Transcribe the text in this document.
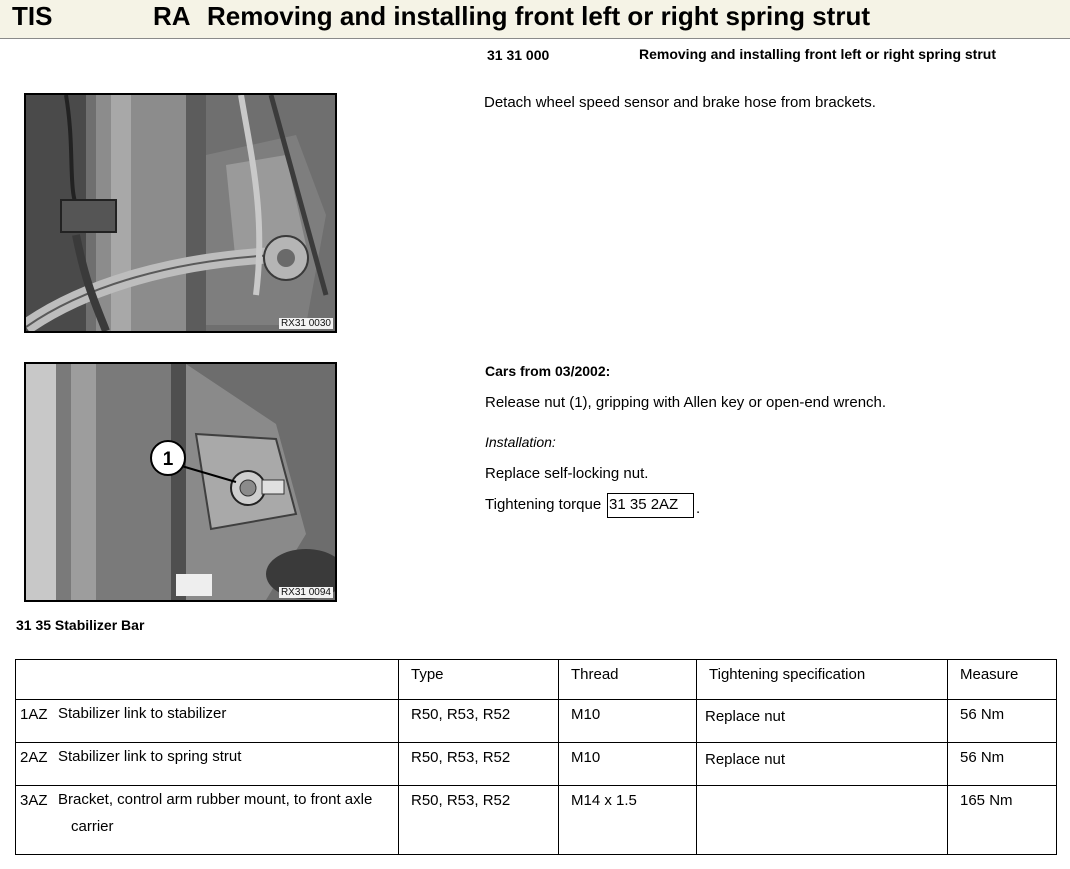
TIS	RA Removing and installing front left or right spring strut
31 31 000	Removing and installing front left or right spring strut
RX31 0030
1
RX31 0094
Detach wheel speed sensor and brake hose from brackets.
Cars from 03/2002:
Release nut (1), gripping with Allen key or open-end wrench.
Installation:
Replace self-locking nut.
Tightening torque 31 35 2AZ	.
31 35 Stabilizer Bar

	Type	Thread	Tightening specification	Measure

1AZ Stabilizer link to stabilizer	R50, R53, R52	M10	Replace nut	56 Nm

2AZ Stabilizer link to spring strut	R50, R53, R52	M10	Replace nut	56 Nm

3AZ Bracket, control arm rubber mount, to front axle
carrier	R50, R53, R52	M14 x 1.5		165 Nm
